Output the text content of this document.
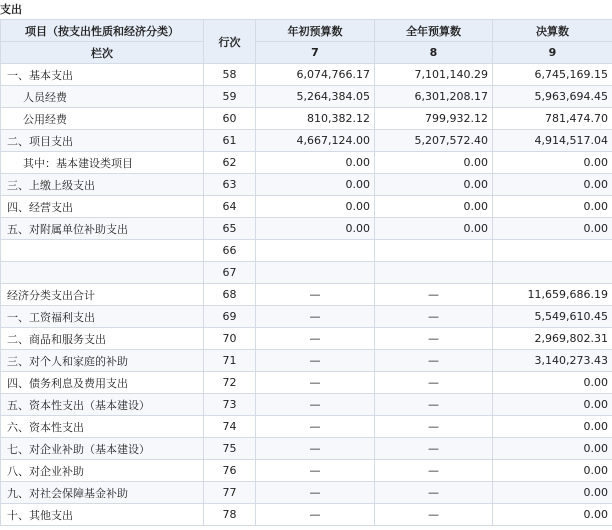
支出
项目（按支出性质和经济分类）	行次	年初预算数	全年预算数	决算数
栏次		7	8	9
一、基本支出	58	6,074,766.17	7,101,140.29	6,745,169.15
人员经费	59	5,264,384.05	6,301,208.17	5,963,694.45
公用经费	60	810,382.12	799,932.12	781,474.70
二、项目支出	61	4,667,124.00	5,207,572.40	4,914,517.04
其中：基本建设类项目	62	0.00	0.00	0.00
三、上缴上级支出	63	0.00	0.00	0.00
四、经营支出	64	0.00	0.00	0.00
五、对附属单位补助支出	65	0.00	0.00	0.00
	66			
	67			
经济分类支出合计	68	—	—	11,659,686.19
一、工资福利支出	69	—	—	5,549,610.45
二、商品和服务支出	70	—	—	2,969,802.31
三、对个人和家庭的补助	71	—	—	3,140,273.43
四、债务利息及费用支出	72	—	—	0.00
五、资本性支出（基本建设）	73	—	—	0.00
六、资本性支出	74	—	—	0.00
七、对企业补助（基本建设）	75	—	—	0.00
八、对企业补助	76	—	—	0.00
九、对社会保障基金补助	77	—	—	0.00
十、其他支出	78	—	—	0.00
